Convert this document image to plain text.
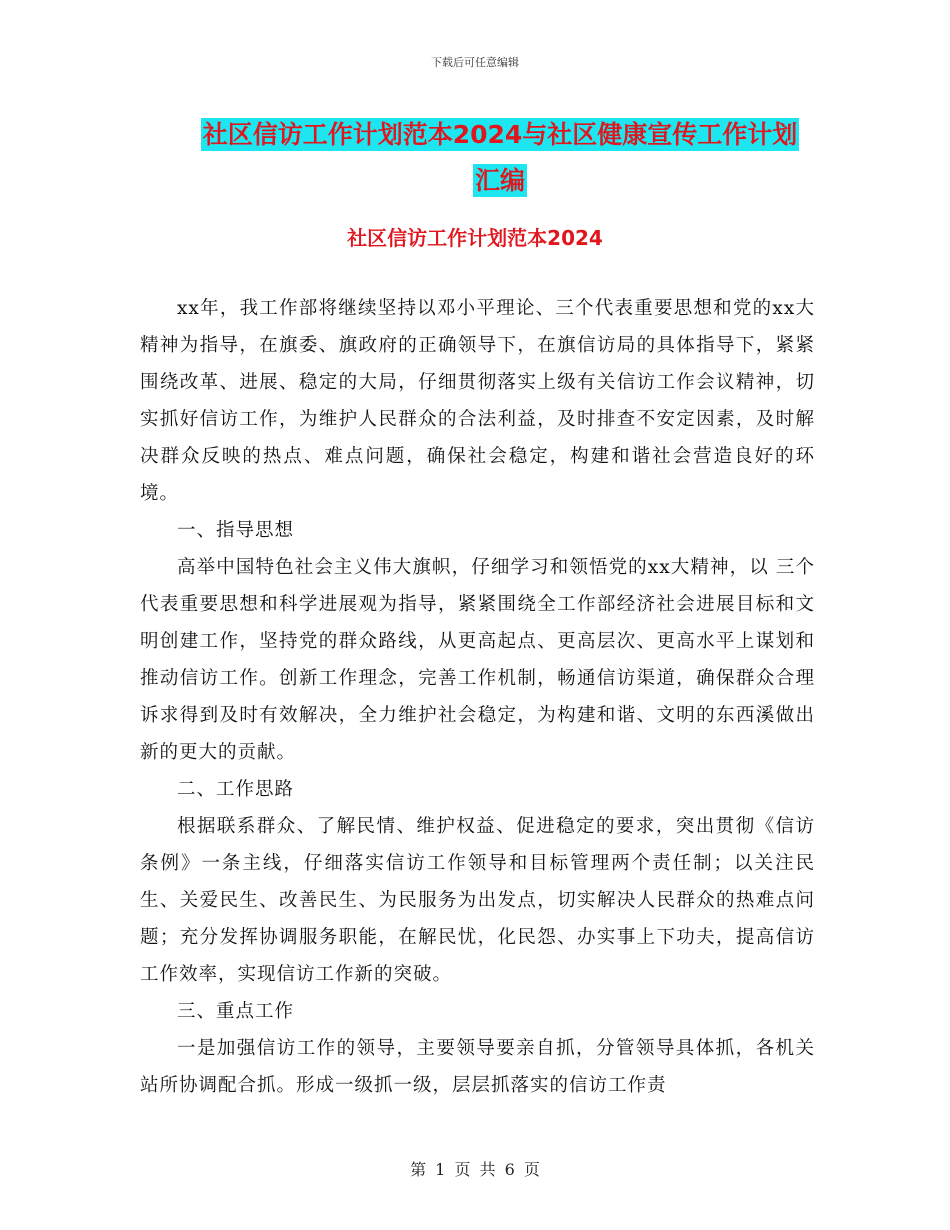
下载后可任意编辑
社区信访工作计划范本2024与社区健康宣传工作计划
汇编
社区信访工作计划范本2024

xx年，我工作部将继续坚持以邓小平理论、三个代表重要思想和党的xx大精神为指导，在旗委、旗政府的正确领导下，在旗信访局的具体指导下，紧紧围绕改革、进展、稳定的大局，仔细贯彻落实上级有关信访工作会议精神，切实抓好信访工作，为维护人民群众的合法利益，及时排查不安定因素，及时解决群众反映的热点、难点问题，确保社会稳定，构建和谐社会营造良好的环境。

一、指导思想

高举中国特色社会主义伟大旗帜，仔细学习和领悟党的xx大精神，以 三个代表重要思想和科学进展观为指导，紧紧围绕全工作部经济社会进展目标和文明创建工作，坚持党的群众路线，从更高起点、更高层次、更高水平上谋划和推动信访工作。创新工作理念，完善工作机制，畅通信访渠道，确保群众合理诉求得到及时有效解决，全力维护社会稳定，为构建和谐、文明的东西溪做出新的更大的贡献。

二、工作思路

根据联系群众、了解民情、维护权益、促进稳定的要求，突出贯彻《信访条例》一条主线，仔细落实信访工作领导和目标管理两个责任制；以关注民生、关爱民生、改善民生、为民服务为出发点，切实解决人民群众的热难点问题；充分发挥协调服务职能，在解民忧，化民怨、办实事上下功夫，提高信访工作效率，实现信访工作新的突破。

三、重点工作

一是加强信访工作的领导，主要领导要亲自抓，分管领导具体抓，各机关站所协调配合抓。形成一级抓一级，层层抓落实的信访工作责

第 1 页 共 6 页
